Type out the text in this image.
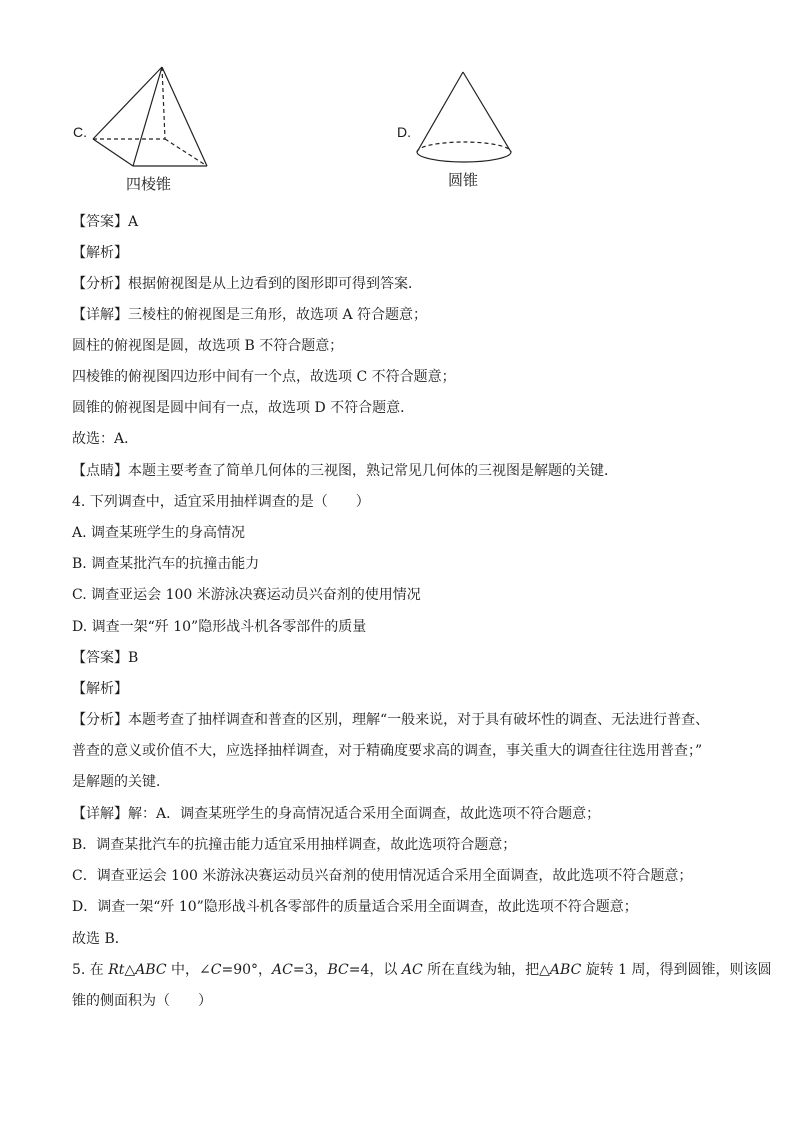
C.
四棱锥
D.
圆锥
【答案】A
【解析】
【分析】根据俯视图是从上边看到的图形即可得到答案．
【详解】三棱柱的俯视图是三角形，故选项 A 符合题意；
圆柱的俯视图是圆，故选项 B 不符合题意；
四棱锥的俯视图四边形中间有一个点，故选项 C 不符合题意；
圆锥的俯视图是圆中间有一点，故选项 D 不符合题意．
故选：A．
【点睛】本题主要考查了简单几何体的三视图，熟记常见几何体的三视图是解题的关键．
4. 下列调查中，适宜采用抽样调查的是（　　）
A. 调查某班学生的身高情况
B. 调查某批汽车的抗撞击能力
C. 调查亚运会 100 米游泳决赛运动员兴奋剂的使用情况
D. 调查一架“歼 10”隐形战斗机各零部件的质量
【答案】B
【解析】
【分析】本题考查了抽样调查和普查的区别，理解“一般来说，对于具有破坏性的调查、无法进行普查、
普查的意义或价值不大，应选择抽样调查，对于精确度要求高的调查，事关重大的调查往往选用普查；”
是解题的关键．
【详解】解：A．调查某班学生的身高情况适合采用全面调查，故此选项不符合题意；
B．调查某批汽车的抗撞击能力适宜采用抽样调查，故此选项符合题意；
C．调查亚运会 100 米游泳决赛运动员兴奋剂的使用情况适合采用全面调查，故此选项不符合题意；
D．调查一架“歼 10”隐形战斗机各零部件的质量适合采用全面调查，故此选项不符合题意；
故选 B．
5. 在 Rt△ABC 中，∠C=90°，AC=3，BC=4，以 AC 所在直线为轴，把△ABC 旋转 1 周，得到圆锥，则该圆
锥的侧面积为（　　）
